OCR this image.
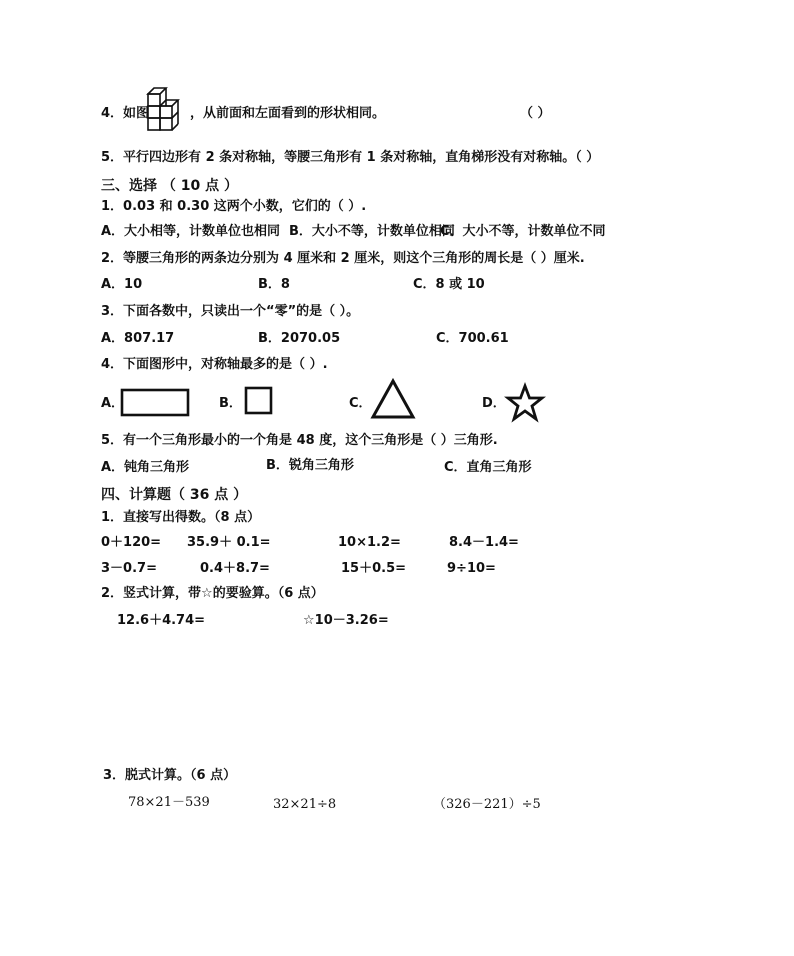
4．如图	，从前面和左面看到的形状相同。	（ ）
5．平行四边形有 2 条对称轴，等腰三角形有 1 条对称轴，直角梯形没有对称轴。（ ）
三、选择 （ 10 点 ）
1．0.03 和 0.30 这两个小数，它们的（ ）.
A．大小相等，计数单位也相同 B．大小不等，计数单位相同
C．大小不等，计数单位不同
2．等腰三角形的两条边分别为 4 厘米和 2 厘米，则这个三角形的周长是（ ）厘米.
A．10	B．8	C．8 或 10
3．下面各数中，只读出一个“零”的是（ ）。
A．807.17	B．2070.05	C．700.61
4．下面图形中，对称轴最多的是（ ）.
A．	B．	C．	D．
5．有一个三角形最小的一个角是 48 度，这个三角形是（ ）三角形.
A．钝角三角形	B．锐角三角形	C．直角三角形
四、计算题（ 36 点 ）
1．直接写出得数。（8 点）
0＋120= 35.9＋ 0.1=	10×1.2=	8.4－1.4=
3－0.7=	0.4＋8.7=	15＋0.5=	9÷10=
2．竖式计算，带☆的要验算。（6 点）
12.6＋4.74=	☆10－3.26=
3．脱式计算。（6 点）
78×21－539	32×21÷8	（326－221）÷5
